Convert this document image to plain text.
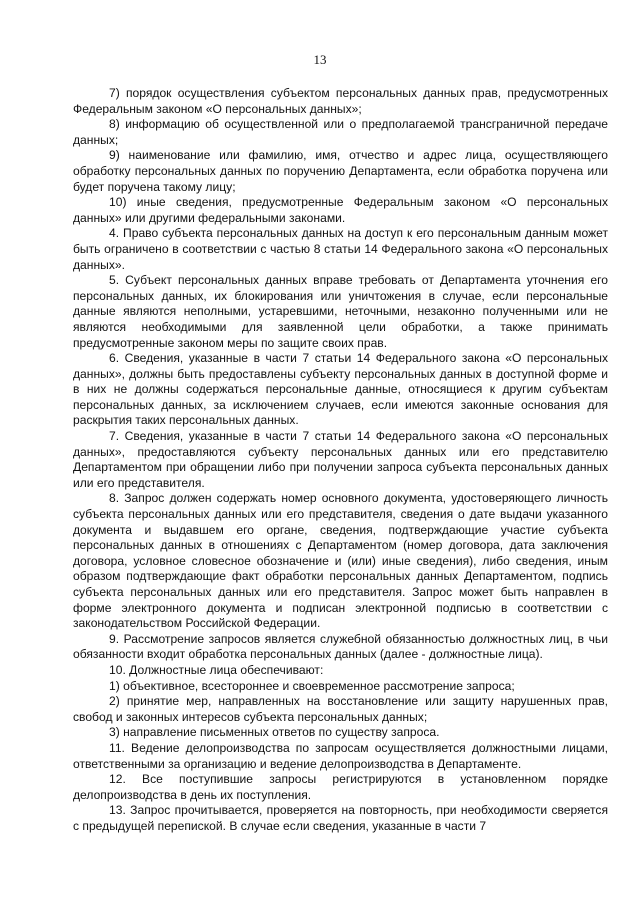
13

7) порядок осуществления субъектом персональных данных прав, предусмотренных Федеральным законом «О персональных данных»;

8) информацию об осуществленной или о предполагаемой трансграничной передаче данных;

9) наименование или фамилию, имя, отчество и адрес лица, осуществляющего обработку персональных данных по поручению Департамента, если обработка поручена или будет поручена такому лицу;

10) иные сведения, предусмотренные Федеральным законом «О персональных данных» или другими федеральными законами.

4. Право субъекта персональных данных на доступ к его персональным данным может быть ограничено в соответствии с частью 8 статьи 14 Федерального закона «О персональных данных».

5. Субъект персональных данных вправе требовать от Департамента уточнения его персональных данных, их блокирования или уничтожения в случае, если персональные данные являются неполными, устаревшими, неточными, незаконно полученными или не являются необходимыми для заявленной цели обработки, а также принимать предусмотренные законом меры по защите своих прав.

6. Сведения, указанные в части 7 статьи 14 Федерального закона «О персональных данных», должны быть предоставлены субъекту персональных данных в доступной форме и в них не должны содержаться персональные данные, относящиеся к другим субъектам персональных данных, за исключением случаев, если имеются законные основания для раскрытия таких персональных данных.

7. Сведения, указанные в части 7 статьи 14 Федерального закона «О персональных данных», предоставляются субъекту персональных данных или его представителю Департаментом при обращении либо при получении запроса субъекта персональных данных или его представителя.

8. Запрос должен содержать номер основного документа, удостоверяющего личность субъекта персональных данных или его представителя, сведения о дате выдачи указанного документа и выдавшем его органе, сведения, подтверждающие участие субъекта персональных данных в отношениях с Департаментом (номер договора, дата заключения договора, условное словесное обозначение и (или) иные сведения), либо сведения, иным образом подтверждающие факт обработки персональных данных Департаментом, подпись субъекта персональных данных или его представителя. Запрос может быть направлен в форме электронного документа и подписан электронной подписью в соответствии с законодательством Российской Федерации.

9. Рассмотрение запросов является служебной обязанностью должностных лиц, в чьи обязанности входит обработка персональных данных (далее - должностные лица).

10. Должностные лица обеспечивают:

1) объективное, всестороннее и своевременное рассмотрение запроса;

2) принятие мер, направленных на восстановление или защиту нарушенных прав, свобод и законных интересов субъекта персональных данных;

3) направление письменных ответов по существу запроса.

11. Ведение делопроизводства по запросам осуществляется должностными лицами, ответственными за организацию и ведение делопроизводства в Департаменте.

12. Все поступившие запросы регистрируются в установленном порядке делопроизводства в день их поступления.

13. Запрос прочитывается, проверяется на повторность, при необходимости сверяется с предыдущей перепиской. В случае если сведения, указанные в части 7
